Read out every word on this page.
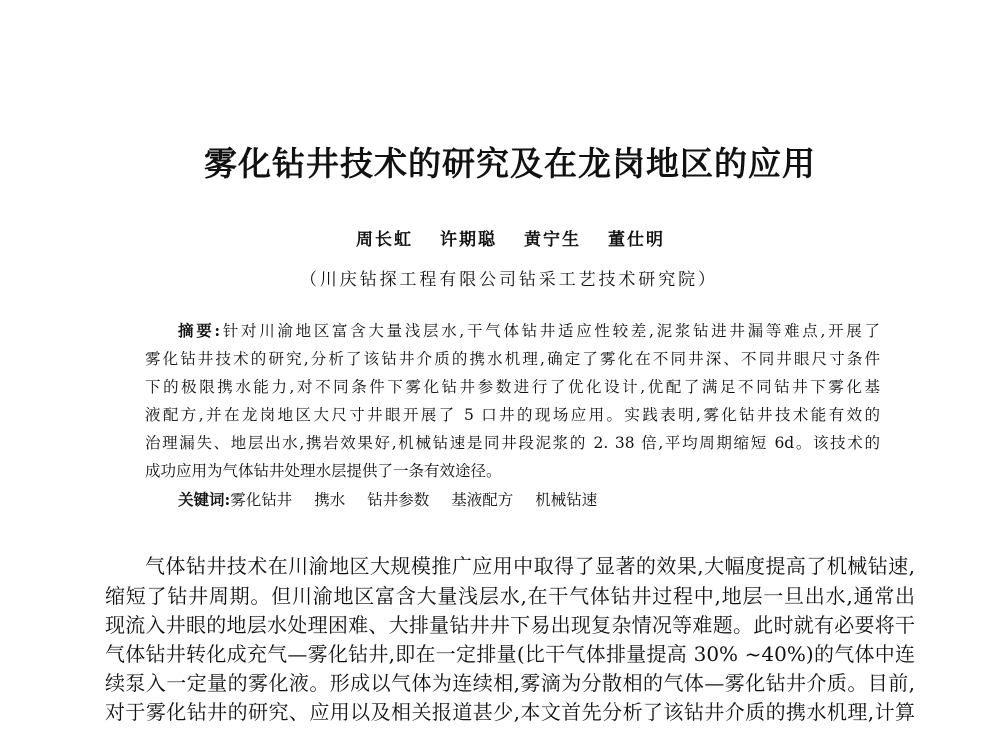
雾化钻井技术的研究及在龙岗地区的应用
周长虹 许期聪 黄宁生 董仕明
（川庆钻探工程有限公司钻采工艺技术研究院）
摘要:针对川渝地区富含大量浅层水,干气体钻井适应性较差,泥浆钻进井漏等难点,开展了
雾化钻井技术的研究,分析了该钻井介质的携水机理,确定了雾化在不同井深、不同井眼尺寸条件
下的极限携水能力,对不同条件下雾化钻井参数进行了优化设计,优配了满足不同钻井下雾化基
液配方,并在龙岗地区大尺寸井眼开展了 5 口井的现场应用。实践表明,雾化钻井技术能有效的
治理漏失、地层出水,携岩效果好,机械钻速是同井段泥浆的 2. 38 倍,平均周期缩短 6d。该技术的
成功应用为气体钻井处理水层提供了一条有效途径。
关键词: 雾化钻井 携水 钻井参数 基液配方 机械钻速
气体钻井技术在川渝地区大规模推广应用中取得了显著的效果,大幅度提高了机械钻速,
缩短了钻井周期。但川渝地区富含大量浅层水,在干气体钻井过程中,地层一旦出水,通常出
现流入井眼的地层水处理困难、大排量钻井井下易出现复杂情况等难题。此时就有必要将干
气体钻井转化成充气—雾化钻井,即在一定排量(比干气体排量提高 30% ~40%)的气体中连
续泵入一定量的雾化液。形成以气体为连续相,雾滴为分散相的气体—雾化钻井介质。目前,
对于雾化钻井的研究、应用以及相关报道甚少,本文首先分析了该钻井介质的携水机理,计算
